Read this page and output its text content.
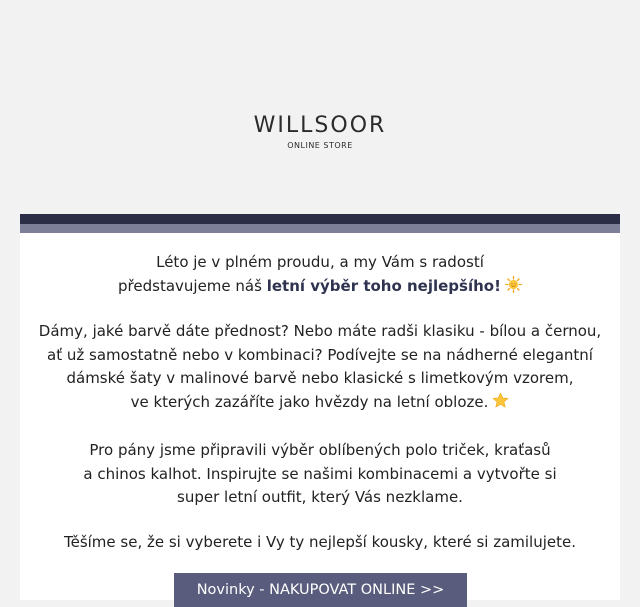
WILLSOOR
ONLINE STORE
Léto je v plném proudu, a my Vám s radostí
představujeme náš letní výběr toho nejlepšího!
Dámy, jaké barvě dáte přednost? Nebo máte radši klasiku - bílou a černou,
ať už samostatně nebo v kombinaci? Podívejte se na nádherné elegantní
dámské šaty v malinové barvě nebo klasické s limetkovým vzorem,
ve kterých zazáříte jako hvězdy na letní obloze.
Pro pány jsme připravili výběr oblíbených polo triček, kraťasů
a chinos kalhot. Inspirujte se našimi kombinacemi a vytvořte si
super letní outfit, který Vás nezklame.
Těšíme se, že si vyberete i Vy ty nejlepší kousky, které si zamilujete.
Novinky - NAKUPOVAT ONLINE >>
